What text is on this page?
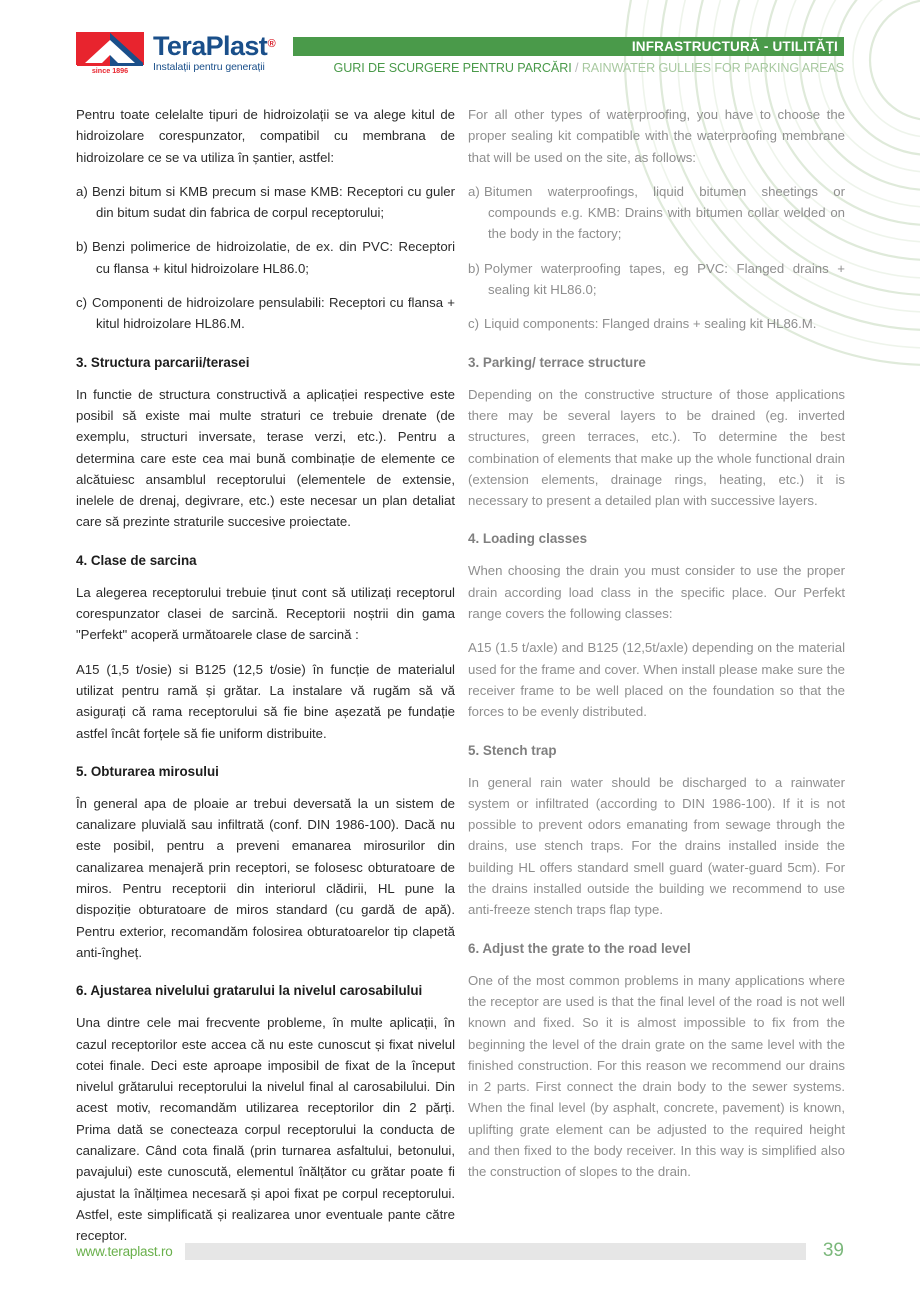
since 1896
TeraPlast ®
Instalații pentru generații
INFRASTRUCTURĂ - UTILITĂȚI
GURI DE SCURGERE PENTRU PARCĂRI / RAINWATER GULLIES FOR PARKING AREAS
Pentru toate celelalte tipuri de hidroizolații se va alege kitul de hidroizolare corespunzator, compatibil cu membrana de hidroizolare ce se va utiliza în șantier, astfel:
a) Benzi bitum si KMB precum si mase KMB: Receptori cu guler din bitum sudat din fabrica de corpul receptorului;
b) Benzi polimerice de hidroizolatie, de ex. din PVC: Receptori cu flansa + kitul hidroizolare HL86.0;
c) Componenti de hidroizolare pensulabili: Receptori cu flansa + kitul hidroizolare HL86.M.
3. Structura parcarii/terasei
In functie de structura constructivă a aplicației respective este posibil să existe mai multe straturi ce trebuie drenate (de exemplu, structuri inversate, terase verzi, etc.). Pentru a determina care este cea mai bună combinație de elemente ce alcătuiesc ansamblul receptorului (elementele de extensie, inelele de drenaj, degivrare, etc.) este necesar un plan detaliat care să prezinte straturile succesive proiectate.
4. Clase de sarcina
La alegerea receptorului trebuie ținut cont să utilizați receptorul corespunzator clasei de sarcină. Receptorii noștrii din gama "Perfekt" acoperă următoarele clase de sarcină :
A15 (1,5 t/osie) si B125 (12,5 t/osie) în funcție de materialul utilizat pentru ramă și grătar. La instalare vă rugăm să vă asigurați că rama receptorului să fie bine așezată pe fundație astfel încât forțele să fie uniform distribuite.
5. Obturarea mirosului
În general apa de ploaie ar trebui deversată la un sistem de canalizare pluvială sau infiltrată (conf. DIN 1986-100). Dacă nu este posibil, pentru a preveni emanarea mirosurilor din canalizarea menajeră prin receptori, se folosesc obturatoare de miros. Pentru receptorii din interiorul clădirii, HL pune la dispoziție obturatoare de miros standard (cu gardă de apă). Pentru exterior, recomandăm folosirea obturatoarelor tip clapetă anti-îngheț.
6. Ajustarea nivelului gratarului la nivelul carosabilului
Una dintre cele mai frecvente probleme, în multe aplicații, în cazul receptorilor este accea că nu este cunoscut și fixat nivelul cotei finale. Deci este aproape imposibil de fixat de la început nivelul grătarului receptorului la nivelul final al carosabilului. Din acest motiv, recomandăm utilizarea receptorilor din 2 părți. Prima dată se conecteaza corpul receptorului la conducta de canalizare. Când cota finală (prin turnarea asfaltului, betonului, pavajului) este cunoscută, elementul înălțător cu grătar poate fi ajustat la înălțimea necesară și apoi fixat pe corpul receptorului. Astfel, este simplificată și realizarea unor eventuale pante către receptor.
For all other types of waterproofing, you have to choose the proper sealing kit compatible with the waterproofing membrane that will be used on the site, as follows:
a) Bitumen waterproofings, liquid bitumen sheetings or compounds e.g. KMB: Drains with bitumen collar welded on the body in the factory;
b) Polymer waterproofing tapes, eg PVC: Flanged drains + sealing kit HL86.0;
c) Liquid components: Flanged drains + sealing kit HL86.M.
3. Parking/ terrace structure
Depending on the constructive structure of those applications there may be several layers to be drained (eg. inverted structures, green terraces, etc.). To determine the best combination of elements that make up the whole functional drain (extension elements, drainage rings, heating, etc.) it is necessary to present a detailed plan with successive layers.
4. Loading classes
When choosing the drain you must consider to use the proper drain according load class in the specific place. Our Perfekt range covers the following classes:
A15 (1.5 t/axle) and B125 (12,5t/axle) depending on the material used for the frame and cover. When install please make sure the receiver frame to be well placed on the foundation so that the forces to be evenly distributed.
5. Stench trap
In general rain water should be discharged to a rainwater system or infiltrated (according to DIN 1986-100). If it is not possible to prevent odors emanating from sewage through the drains, use stench traps. For the drains installed inside the building HL offers standard smell guard (water-guard 5cm). For the drains installed outside the building we recommend to use anti-freeze stench traps flap type.
6. Adjust the grate to the road level
One of the most common problems in many applications where the receptor are used is that the final level of the road is not well known and fixed. So it is almost impossible to fix from the beginning the level of the drain grate on the same level with the finished construction. For this reason we recommend our drains in 2 parts. First connect the drain body to the sewer systems. When the final level (by asphalt, concrete, pavement) is known, uplifting grate element can be adjusted to the required height and then fixed to the body receiver. In this way is simplified also the construction of slopes to the drain.
www.teraplast.ro	39
